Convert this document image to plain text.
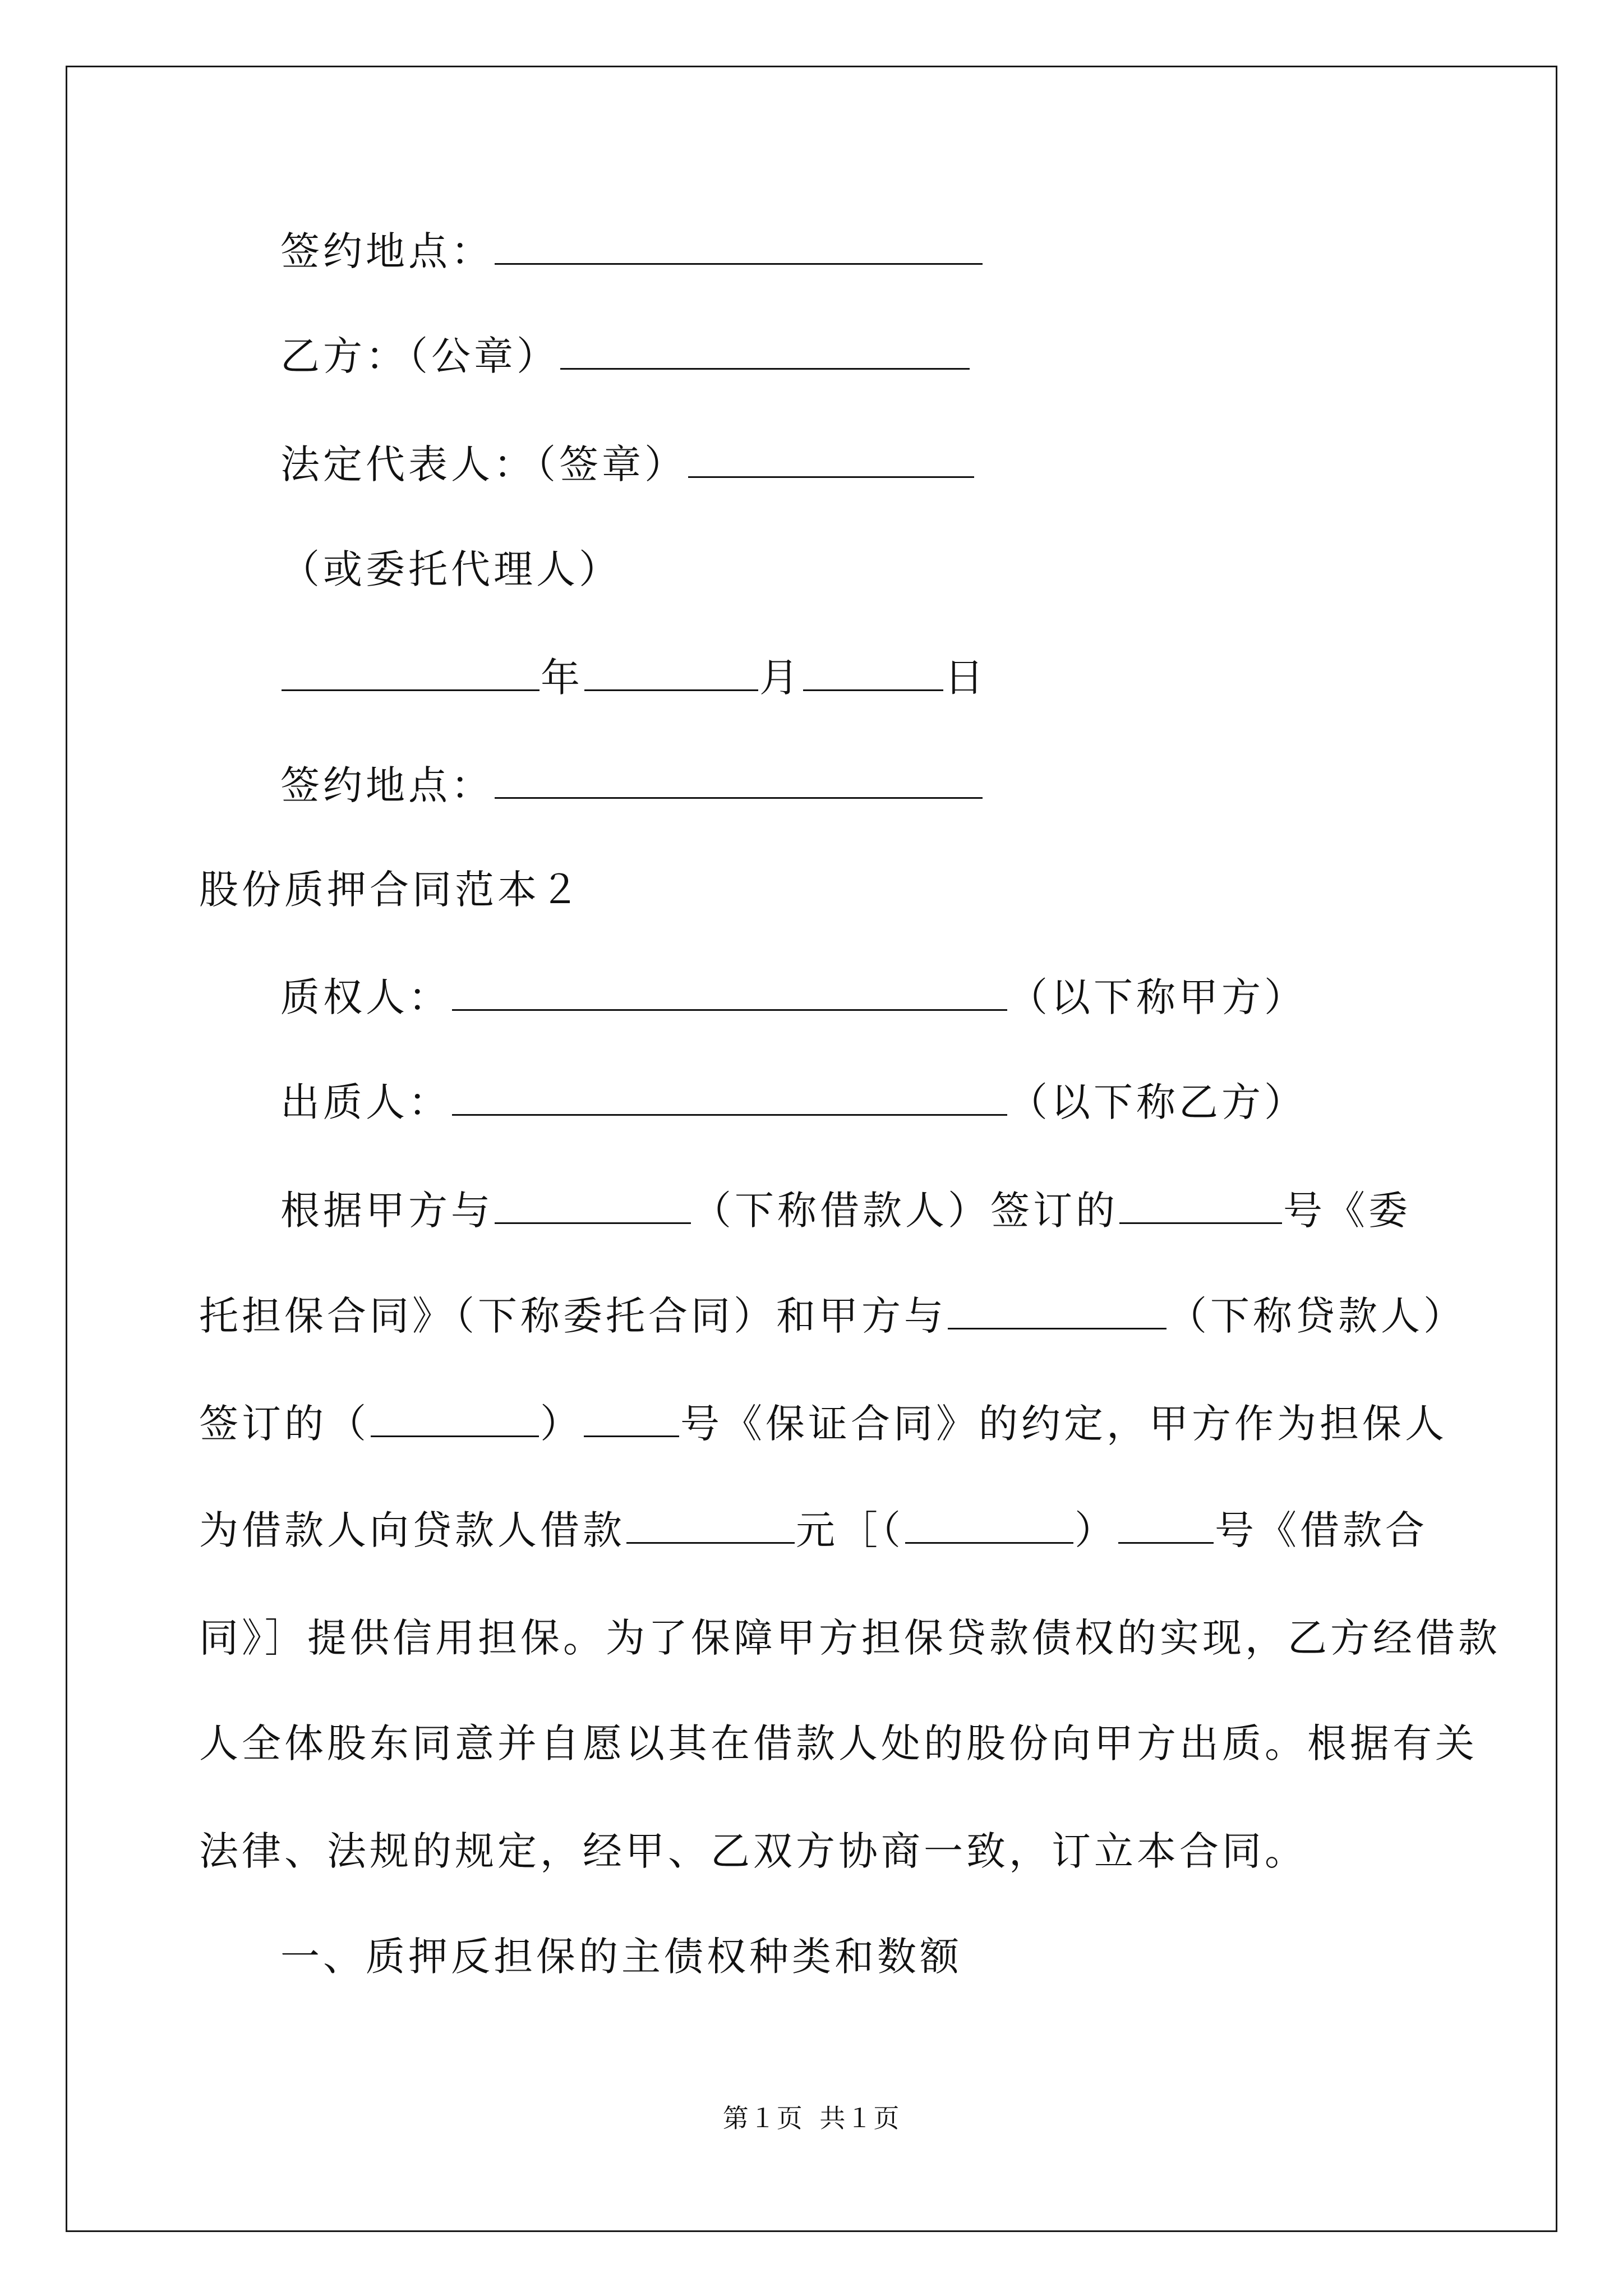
签约地点：

乙方：（公章）

法定代表人：（签章）

（或委托代理人）

年	月	日

签约地点：

股份质押合同范本２

质权人：	（以下称甲方）

出质人：	（以下称乙方）

根据甲方与	（下称借款人）签订的	号《委

托担保合同》（下称委托合同）和甲方与	（下称贷款人）

签订的（	） 号《保证合同》的约定，甲方作为担保人

为借款人向贷款人借款	元［（	） 号《借款合

同》］提供信用担保。为了保障甲方担保贷款债权的实现，乙方经借款

人全体股东同意并自愿以其在借款人处的股份向甲方出质。根据有关

法律、法规的规定，经甲、乙双方协商一致，订立本合同。

一、质押反担保的主债权种类和数额

第１页 共１页
